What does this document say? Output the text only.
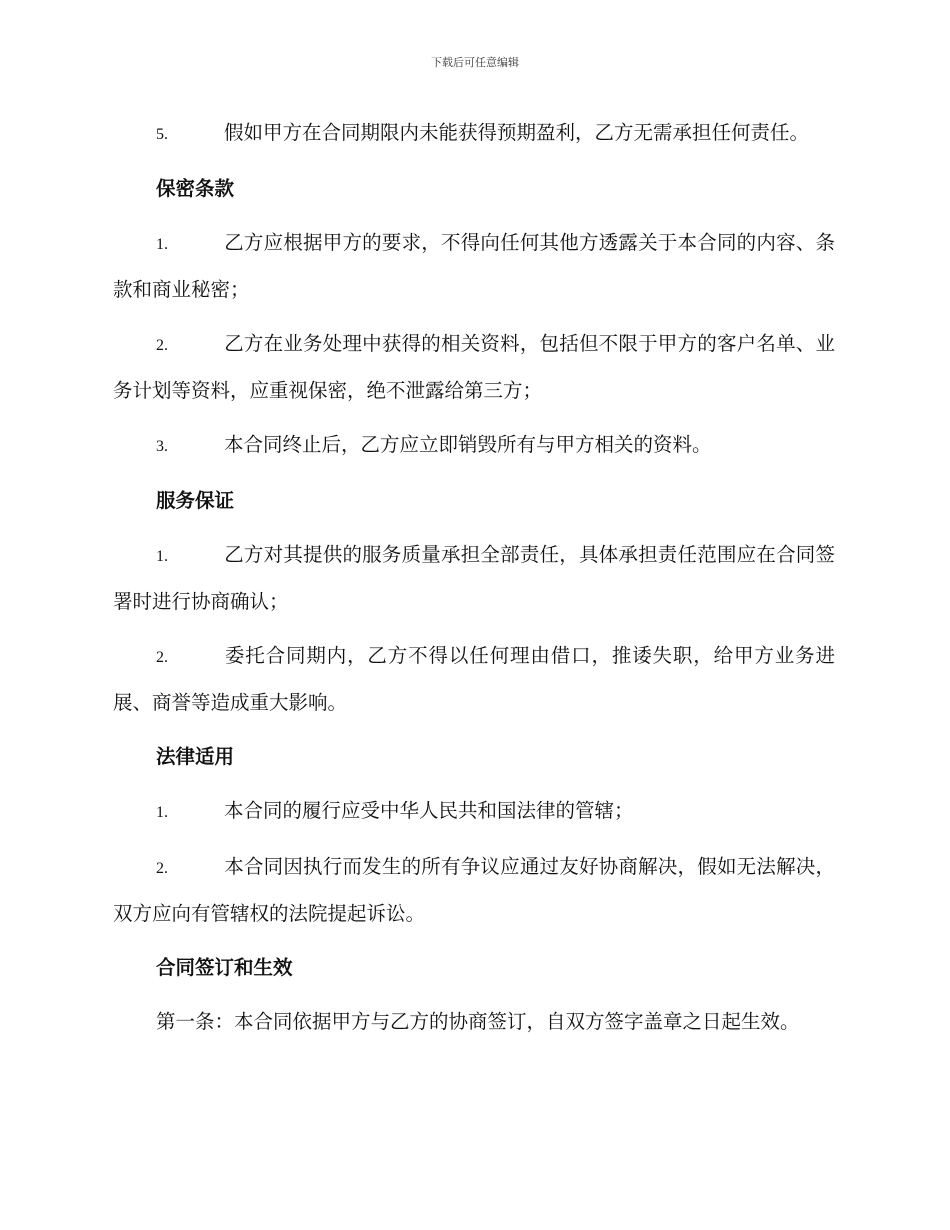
下载后可任意编辑

5.	假如甲方在合同期限内未能获得预期盈利，乙方无需承担任何责任。

保密条款

1.	乙方应根据甲方的要求，不得向任何其他方透露关于本合同的内容、条款和商业秘密；

2.	乙方在业务处理中获得的相关资料，包括但不限于甲方的客户名单、业务计划等资料，应重视保密，绝不泄露给第三方；

3.	本合同终止后，乙方应立即销毁所有与甲方相关的资料。

服务保证

1.	乙方对其提供的服务质量承担全部责任，具体承担责任范围应在合同签署时进行协商确认；

2.	委托合同期内，乙方不得以任何理由借口，推诿失职，给甲方业务进展、商誉等造成重大影响。

法律适用

1.	本合同的履行应受中华人民共和国法律的管辖；

2.	本合同因执行而发生的所有争议应通过友好协商解决，假如无法解决，双方应向有管辖权的法院提起诉讼。

合同签订和生效

第一条：本合同依据甲方与乙方的协商签订，自双方签字盖章之日起生效。
